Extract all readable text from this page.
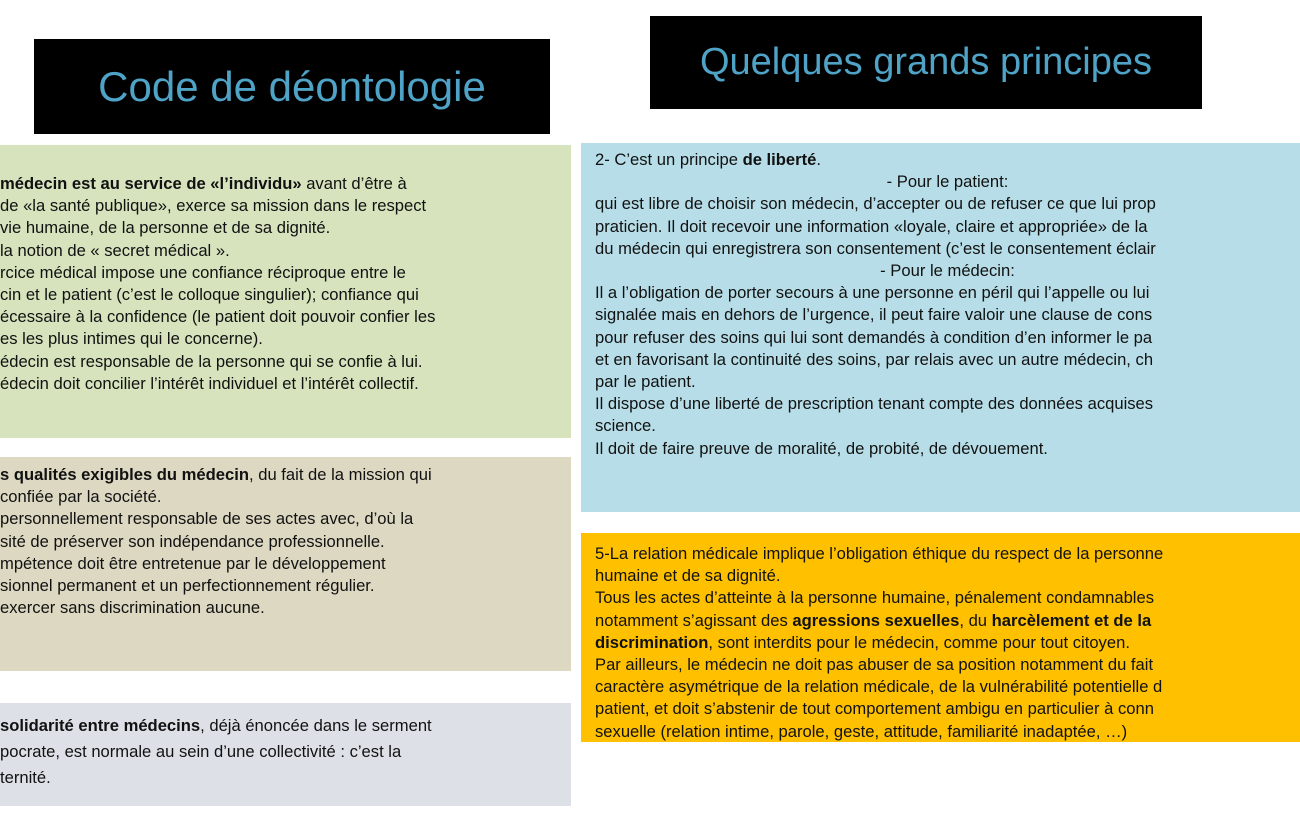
Code de déontologie
Quelques grands principes

médecin est au service de «l’individu» avant d’être à

de «la santé publique», exerce sa mission dans le respect

vie humaine, de la personne et de sa dignité.

la notion de « secret médical ».

rcice médical impose une confiance réciproque entre le

cin et le patient (c’est le colloque singulier); confiance qui

écessaire à la confidence (le patient doit pouvoir confier les

es les plus intimes qui le concerne).

édecin est responsable de la personne qui se confie à lui.

édecin doit concilier l’intérêt individuel et l’intérêt collectif.

s qualités exigibles du médecin, du fait de la mission qui

confiée par la société.

personnellement responsable de ses actes avec, d’où la

sité de préserver son indépendance professionnelle.

mpétence doit être entretenue par le développement

sionnel permanent et un perfectionnement régulier.

exercer sans discrimination aucune.

solidarité entre médecins, déjà énoncée dans le serment

pocrate, est normale au sein d’une collectivité : c’est la

ternité.

2- C’est un principe de liberté.

- Pour le patient:

qui est libre de choisir son médecin, d’accepter ou de refuser ce que lui prop

praticien. Il doit recevoir une information «loyale, claire et appropriée» de la

du médecin qui enregistrera son consentement (c’est le consentement éclair

- Pour le médecin:

Il a l’obligation de porter secours à une personne en péril qui l’appelle ou lui

signalée mais en dehors de l’urgence, il peut faire valoir une clause de cons

pour refuser des soins qui lui sont demandés à condition d’en informer le pa

et en favorisant la continuité des soins, par relais avec un autre médecin, ch

par le patient.

Il dispose d’une liberté de prescription tenant compte des données acquises

science.

Il doit de faire preuve de moralité, de probité, de dévouement.

5-La relation médicale implique l’obligation éthique du respect de la personne

humaine et de sa dignité.

Tous les actes d’atteinte à la personne humaine, pénalement condamnables

notamment s’agissant des agressions sexuelles, du harcèlement et de la

discrimination, sont interdits pour le médecin, comme pour tout citoyen.

Par ailleurs, le médecin ne doit pas abuser de sa position notamment du fait

caractère asymétrique de la relation médicale, de la vulnérabilité potentielle d

patient, et doit s’abstenir de tout comportement ambigu en particulier à conn

sexuelle (relation intime, parole, geste, attitude, familiarité inadaptée, …)
